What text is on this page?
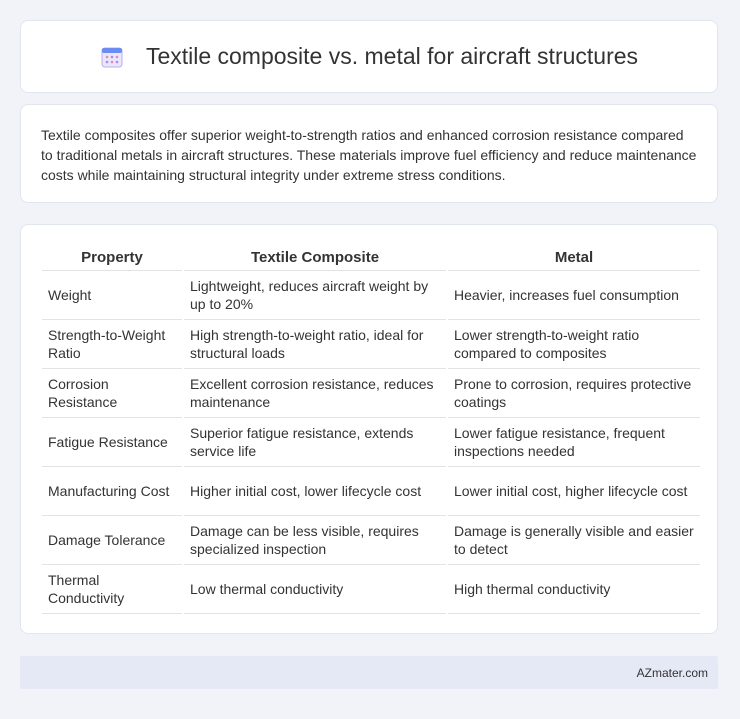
Textile composite vs. metal for aircraft structures

Textile composites offer superior weight-to-strength ratios and enhanced corrosion resistance compared to traditional metals in aircraft structures. These materials improve fuel efficiency and reduce maintenance costs while maintaining structural integrity under extreme stress conditions.

Property	Textile Composite	Metal
Weight	Lightweight, reduces aircraft weight by up to 20%	Heavier, increases fuel consumption
Strength-to-Weight Ratio	High strength-to-weight ratio, ideal for structural loads	Lower strength-to-weight ratio compared to composites
Corrosion Resistance	Excellent corrosion resistance, reduces maintenance	Prone to corrosion, requires protective coatings
Fatigue Resistance	Superior fatigue resistance, extends service life	Lower fatigue resistance, frequent inspections needed
Manufacturing Cost	Higher initial cost, lower lifecycle cost	Lower initial cost, higher lifecycle cost
Damage Tolerance	Damage can be less visible, requires specialized inspection	Damage is generally visible and easier to detect
Thermal Conductivity	Low thermal conductivity	High thermal conductivity
AZmater.com
